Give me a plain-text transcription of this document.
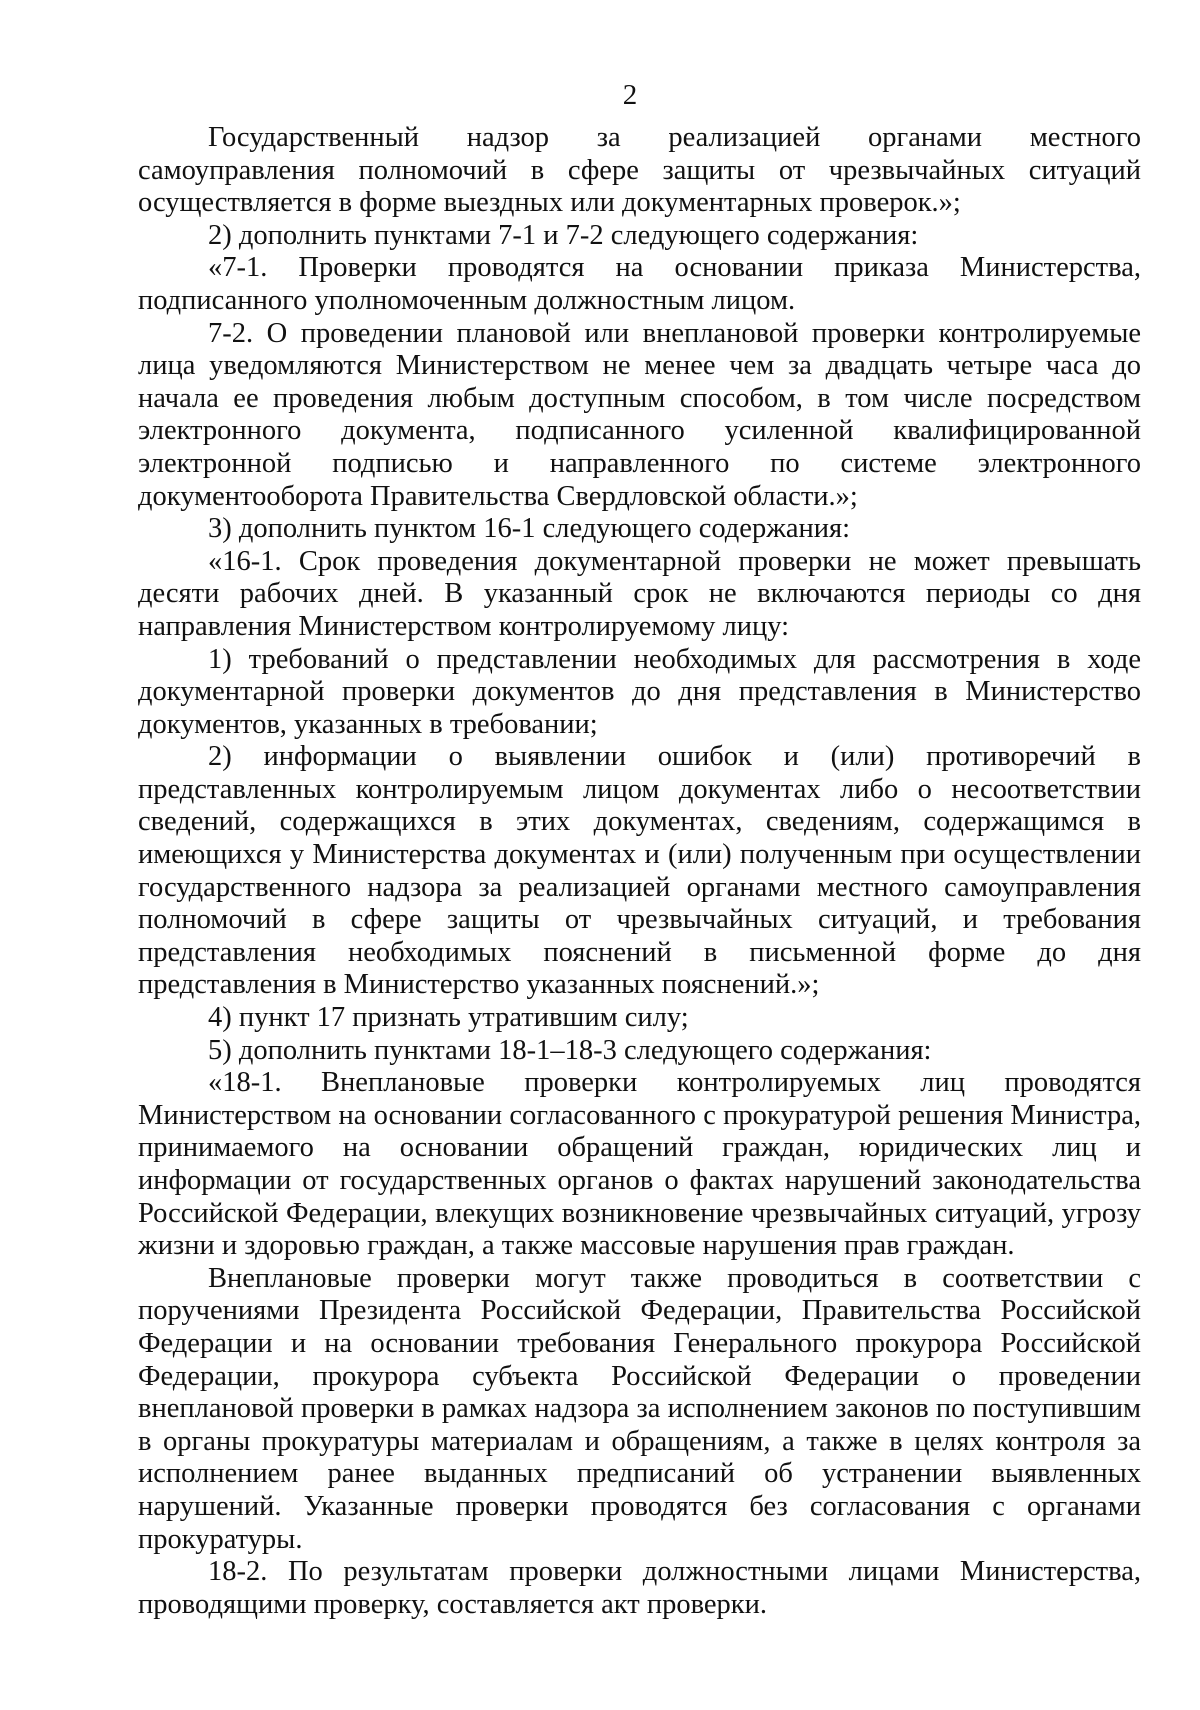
2

Государственный надзор за реализацией органами местного самоуправления полномочий в сфере защиты от чрезвычайных ситуаций осуществляется в форме выездных или документарных проверок.»;

2) дополнить пунктами 7-1 и 7-2 следующего содержания:

«7-1. Проверки проводятся на основании приказа Министерства, подписанного уполномоченным должностным лицом.

7-2. О проведении плановой или внеплановой проверки контролируемые лица уведомляются Министерством не менее чем за двадцать четыре часа до начала ее проведения любым доступным способом, в том числе посредством электронного документа, подписанного усиленной квалифицированной электронной подписью и направленного по системе электронного документооборота Правительства Свердловской области.»;

3) дополнить пунктом 16-1 следующего содержания:

«16-1. Срок проведения документарной проверки не может превышать десяти рабочих дней. В указанный срок не включаются периоды со дня направления Министерством контролируемому лицу:

1) требований о представлении необходимых для рассмотрения в ходе документарной проверки документов до дня представления в Министерство документов, указанных в требовании;

2) информации о выявлении ошибок и (или) противоречий в представленных контролируемым лицом документах либо о несоответствии сведений, содержащихся в этих документах, сведениям, содержащимся в имеющихся у Министерства документах и (или) полученным при осуществлении государственного надзора за реализацией органами местного самоуправления полномочий в сфере защиты от чрезвычайных ситуаций, и требования представления необходимых пояснений в письменной форме до дня представления в Министерство указанных пояснений.»;

4) пункт 17 признать утратившим силу;

5) дополнить пунктами 18-1–18-3 следующего содержания:

«18-1. Внеплановые проверки контролируемых лиц проводятся Министерством на основании согласованного с прокуратурой решения Министра, принимаемого на основании обращений граждан, юридических лиц и информации от государственных органов о фактах нарушений законодательства Российской Федерации, влекущих возникновение чрезвычайных ситуаций, угрозу жизни и здоровью граждан, а также массовые нарушения прав граждан.

Внеплановые проверки могут также проводиться в соответствии с поручениями Президента Российской Федерации, Правительства Российской Федерации и на основании требования Генерального прокурора Российской Федерации, прокурора субъекта Российской Федерации о проведении внеплановой проверки в рамках надзора за исполнением законов по поступившим в органы прокуратуры материалам и обращениям, а также в целях контроля за исполнением ранее выданных предписаний об устранении выявленных нарушений. Указанные проверки проводятся без согласования с органами прокуратуры.

18-2. По результатам проверки должностными лицами Министерства, проводящими проверку, составляется акт проверки.
